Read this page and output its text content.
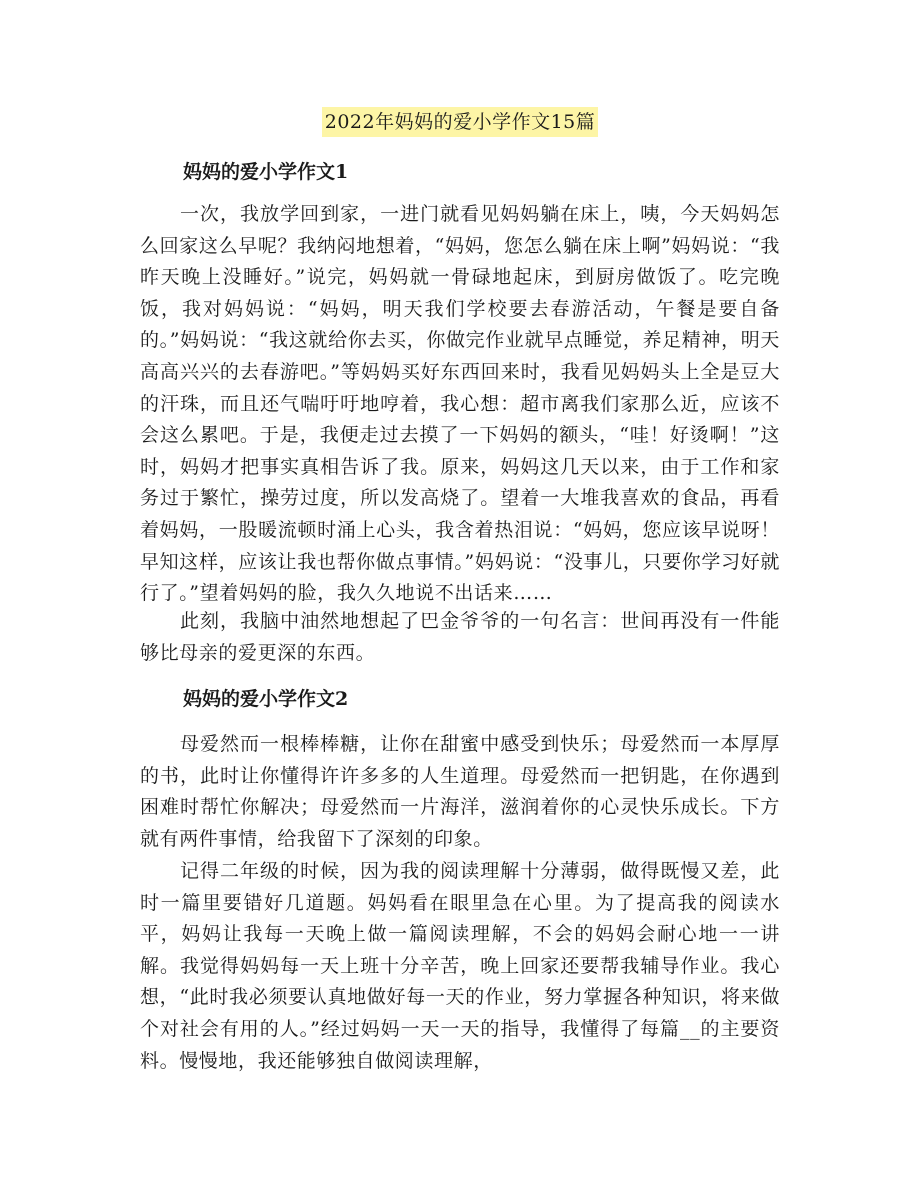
2022年妈妈的爱小学作文15篇
妈妈的爱小学作文1

一次，我放学回到家，一进门就看见妈妈躺在床上，咦，今天妈妈怎么回家这么早呢？我纳闷地想着，“妈妈，您怎么躺在床上啊”妈妈说：“我昨天晚上没睡好。”说完，妈妈就一骨碌地起床，到厨房做饭了。吃完晚饭，我对妈妈说：“妈妈，明天我们学校要去春游活动，午餐是要自备的。”妈妈说：“我这就给你去买，你做完作业就早点睡觉，养足精神，明天高高兴兴的去春游吧。”等妈妈买好东西回来时，我看见妈妈头上全是豆大的汗珠，而且还气喘吁吁地哼着，我心想：超市离我们家那么近，应该不会这么累吧。于是，我便走过去摸了一下妈妈的额头，“哇！好烫啊！”这时，妈妈才把事实真相告诉了我。原来，妈妈这几天以来，由于工作和家务过于繁忙，操劳过度，所以发高烧了。望着一大堆我喜欢的食品，再看着妈妈，一股暖流顿时涌上心头，我含着热泪说：“妈妈，您应该早说呀！早知这样，应该让我也帮你做点事情。”妈妈说：“没事儿，只要你学习好就行了。”望着妈妈的脸，我久久地说不出话来……

此刻，我脑中油然地想起了巴金爷爷的一句名言：世间再没有一件能够比母亲的爱更深的东西。

妈妈的爱小学作文2

母爱然而一根棒棒糖，让你在甜蜜中感受到快乐；母爱然而一本厚厚的书，此时让你懂得许许多多的人生道理。母爱然而一把钥匙，在你遇到困难时帮忙你解决；母爱然而一片海洋，滋润着你的心灵快乐成长。下方就有两件事情，给我留下了深刻的印象。

记得二年级的时候，因为我的阅读理解十分薄弱，做得既慢又差，此时一篇里要错好几道题。妈妈看在眼里急在心里。为了提高我的阅读水平，妈妈让我每一天晚上做一篇阅读理解，不会的妈妈会耐心地一一讲解。我觉得妈妈每一天上班十分辛苦，晚上回家还要帮我辅导作业。我心想，“此时我必须要认真地做好每一天的作业，努力掌握各种知识，将来做个对社会有用的人。”经过妈妈一天一天的指导，我懂得了每篇__的主要资料。慢慢地，我还能够独自做阅读理解，
